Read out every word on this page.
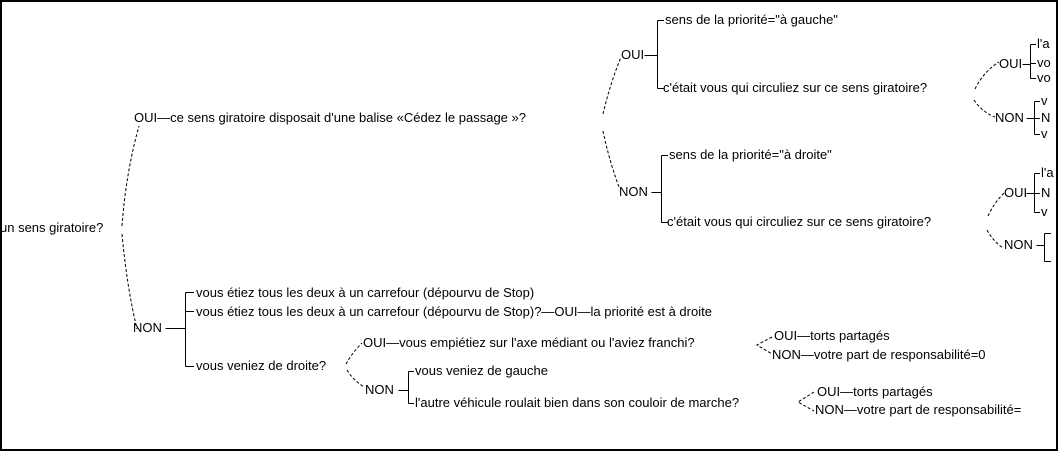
un sens giratoire?
OUI—ce sens giratoire disposait d'une balise «Cédez le passage »?
OUI
sens de la priorité="à gauche"
c'était vous qui circuliez sur ce sens giratoire?
OUI
l'a
vo
vo
NON
v
N
v
NON
sens de la priorité="à droite"
c'était vous qui circuliez sur ce sens giratoire?
OUI
l'a
N
v
NON
NON
vous étiez tous les deux à un carrefour (dépourvu de Stop)
vous étiez tous les deux à un carrefour (dépourvu de Stop)?—OUI—la priorité est à droite
vous veniez de droite?
OUI—vous empiétiez sur l'axe médiant ou l'aviez franchi?	OUI—torts partagés
NON—votre part de responsabilité=0
NON
vous veniez de gauche
l'autre véhicule roulait bien dans son couloir de marche?
OUI—torts partagés
NON—votre part de responsabilité=
